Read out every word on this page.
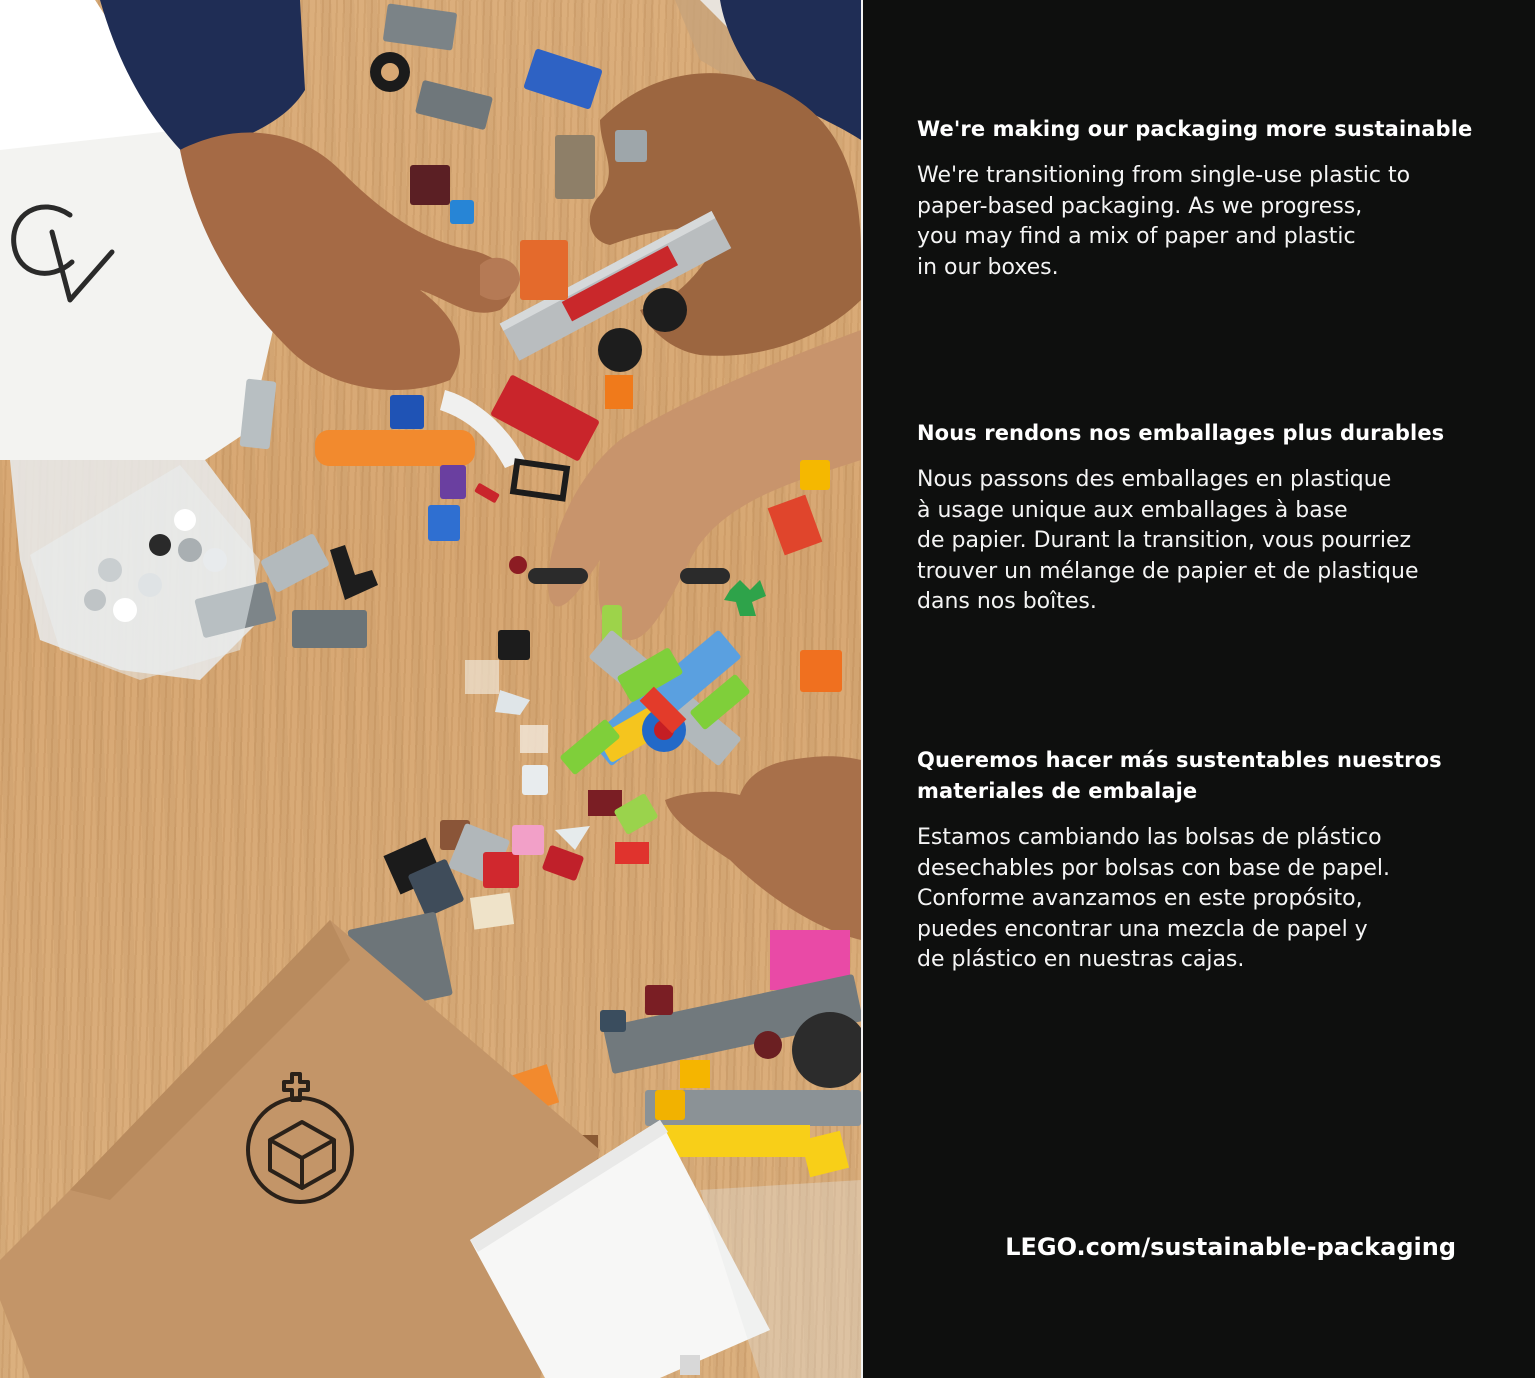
We're making our packaging more sustainable

We're transitioning from single-use plastic to
paper-based packaging. As we progress,
you may find a mix of paper and plastic
in our boxes.

Nous rendons nos emballages plus durables

Nous passons des emballages en plastique
à usage unique aux emballages à base
de papier. Durant la transition, vous pourriez
trouver un mélange de papier et de plastique
dans nos boîtes.

Queremos hacer más sustentables nuestros
materiales de embalaje

Estamos cambiando las bolsas de plástico
desechables por bolsas con base de papel.
Conforme avanzamos en este propósito,
puedes encontrar una mezcla de papel y
de plástico en nuestras cajas.

LEGO.com/sustainable-packaging
